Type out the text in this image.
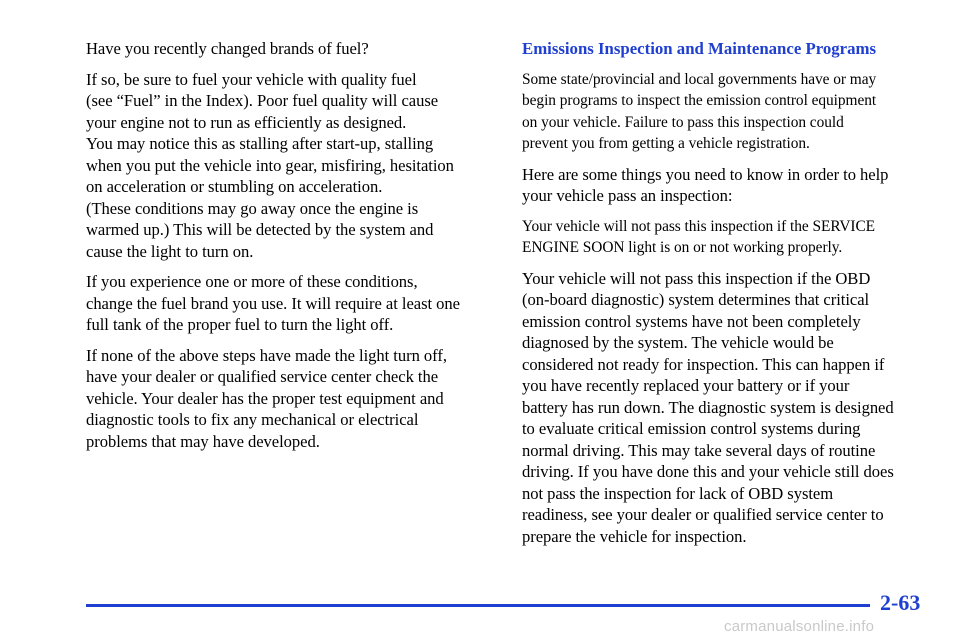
Have you recently changed brands of fuel?

If so, be sure to fuel your vehicle with quality fuel
(see “Fuel” in the Index). Poor fuel quality will cause
your engine not to run as efficiently as designed.
You may notice this as stalling after start‑up, stalling
when you put the vehicle into gear, misfiring, hesitation
on acceleration or stumbling on acceleration.
(These conditions may go away once the engine is
warmed up.) This will be detected by the system and
cause the light to turn on.

If you experience one or more of these conditions,
change the fuel brand you use. It will require at least one
full tank of the proper fuel to turn the light off.

If none of the above steps have made the light turn off,
have your dealer or qualified service center check the
vehicle. Your dealer has the proper test equipment and
diagnostic tools to fix any mechanical or electrical
problems that may have developed.

Emissions Inspection and Maintenance Programs

Some state/provincial and local governments have or may
begin programs to inspect the emission control equipment
on your vehicle. Failure to pass this inspection could
prevent you from getting a vehicle registration.

Here are some things you need to know in order to help
your vehicle pass an inspection:

Your vehicle will not pass this inspection if the SERVICE
ENGINE SOON light is on or not working properly.

Your vehicle will not pass this inspection if the OBD
(on‑board diagnostic) system determines that critical
emission control systems have not been completely
diagnosed by the system. The vehicle would be
considered not ready for inspection. This can happen if
you have recently replaced your battery or if your
battery has run down. The diagnostic system is designed
to evaluate critical emission control systems during
normal driving. This may take several days of routine
driving. If you have done this and your vehicle still does
not pass the inspection for lack of OBD system
readiness, see your dealer or qualified service center to
prepare the vehicle for inspection.

2-63
carmanualsonline.info
